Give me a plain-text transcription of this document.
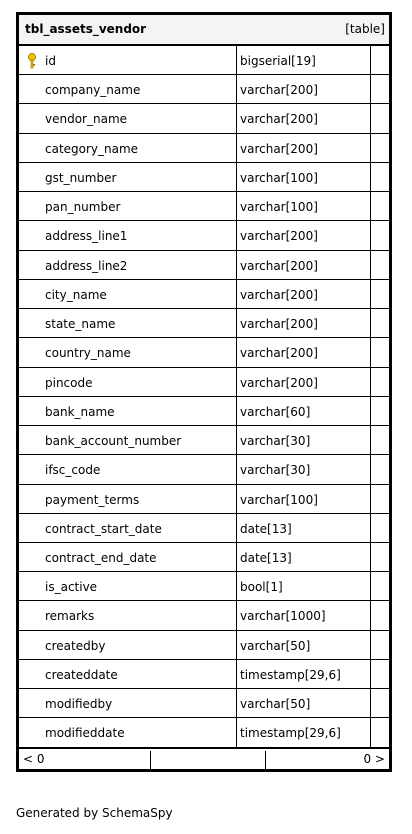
tbl_assets_vendor	[table]
id	bigserial[19]
company_name	varchar[200]
vendor_name	varchar[200]
category_name	varchar[200]
gst_number	varchar[100]
pan_number	varchar[100]
address_line1	varchar[200]
address_line2	varchar[200]
city_name	varchar[200]
state_name	varchar[200]
country_name	varchar[200]
pincode	varchar[200]
bank_name	varchar[60]
bank_account_number	varchar[30]
ifsc_code	varchar[30]
payment_terms	varchar[100]
contract_start_date	date[13]
contract_end_date	date[13]
is_active	bool[1]
remarks	varchar[1000]
createdby	varchar[50]
createddate	timestamp[29,6]
modifiedby	varchar[50]
modifieddate	timestamp[29,6]
< 0	0 >
Generated by SchemaSpy
